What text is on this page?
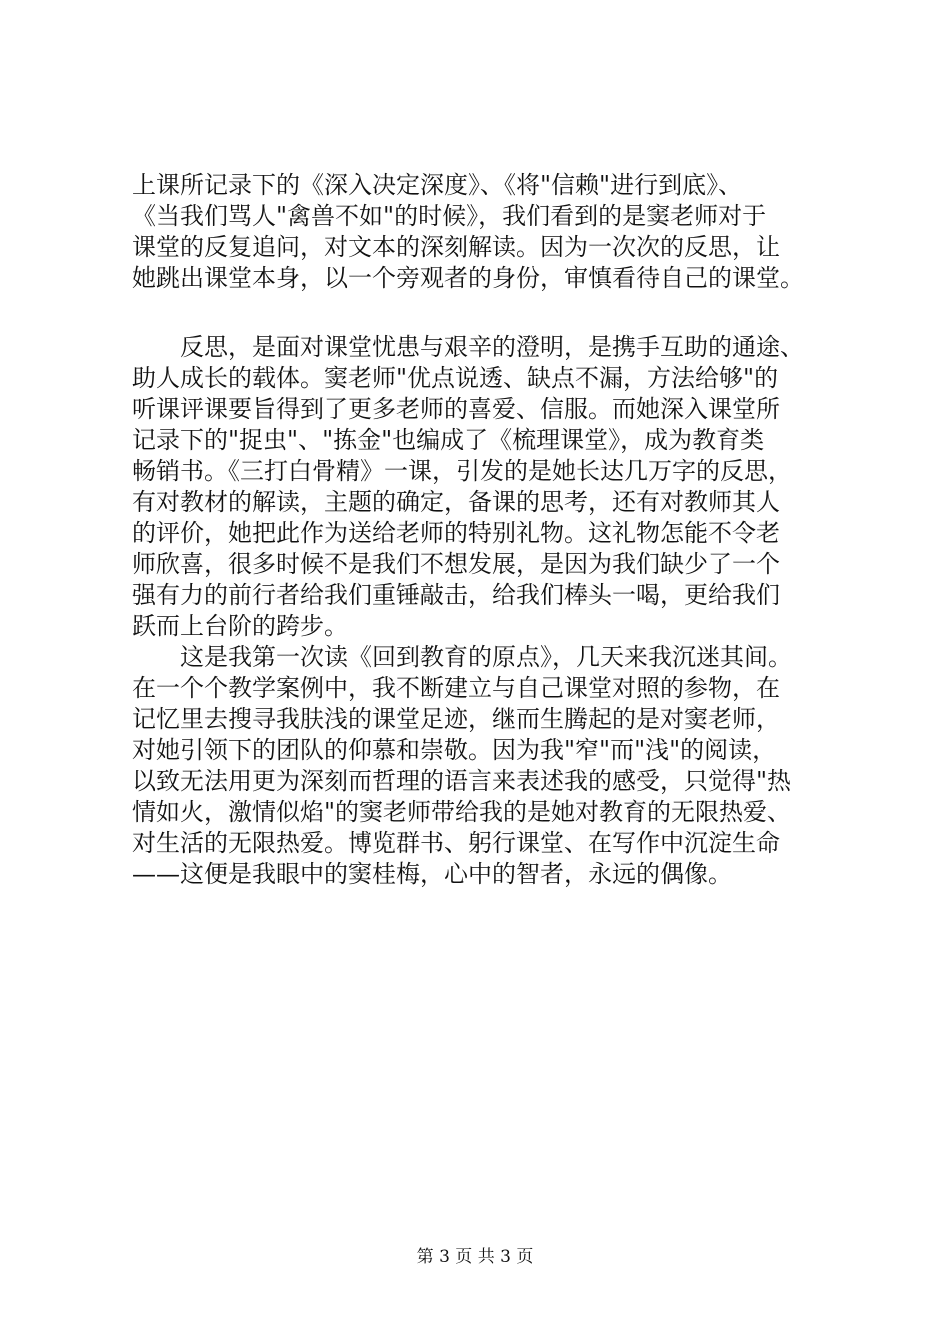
上课所记录下的《深入决定深度》、《将"信赖"进行到底》、
《当我们骂人"禽兽不如"的时候》，我们看到的是窦老师对于
课堂的反复追问，对文本的深刻解读。因为一次次的反思，让
她跳出课堂本身，以一个旁观者的身份，审慎看待自己的课堂。
反思，是面对课堂忧患与艰辛的澄明，是携手互助的通途、
助人成长的载体。窦老师"优点说透、缺点不漏，方法给够"的
听课评课要旨得到了更多老师的喜爱、信服。而她深入课堂所
记录下的"捉虫"、"拣金"也编成了《梳理课堂》，成为教育类
畅销书。《三打白骨精》一课，引发的是她长达几万字的反思，
有对教材的解读，主题的确定，备课的思考，还有对教师其人
的评价，她把此作为送给老师的特别礼物。这礼物怎能不令老
师欣喜，很多时候不是我们不想发展，是因为我们缺少了一个
强有力的前行者给我们重锤敲击，给我们棒头一喝，更给我们
跃而上台阶的跨步。
这是我第一次读《回到教育的原点》，几天来我沉迷其间。
在一个个教学案例中，我不断建立与自己课堂对照的参物，在
记忆里去搜寻我肤浅的课堂足迹，继而生腾起的是对窦老师，
对她引领下的团队的仰慕和崇敬。因为我"窄"而"浅"的阅读，
以致无法用更为深刻而哲理的语言来表述我的感受，只觉得"热
情如火，激情似焰"的窦老师带给我的是她对教育的无限热爱、
对生活的无限热爱。博览群书、躬行课堂、在写作中沉淀生命
——这便是我眼中的窦桂梅，心中的智者，永远的偶像。
第 3 页 共 3 页
